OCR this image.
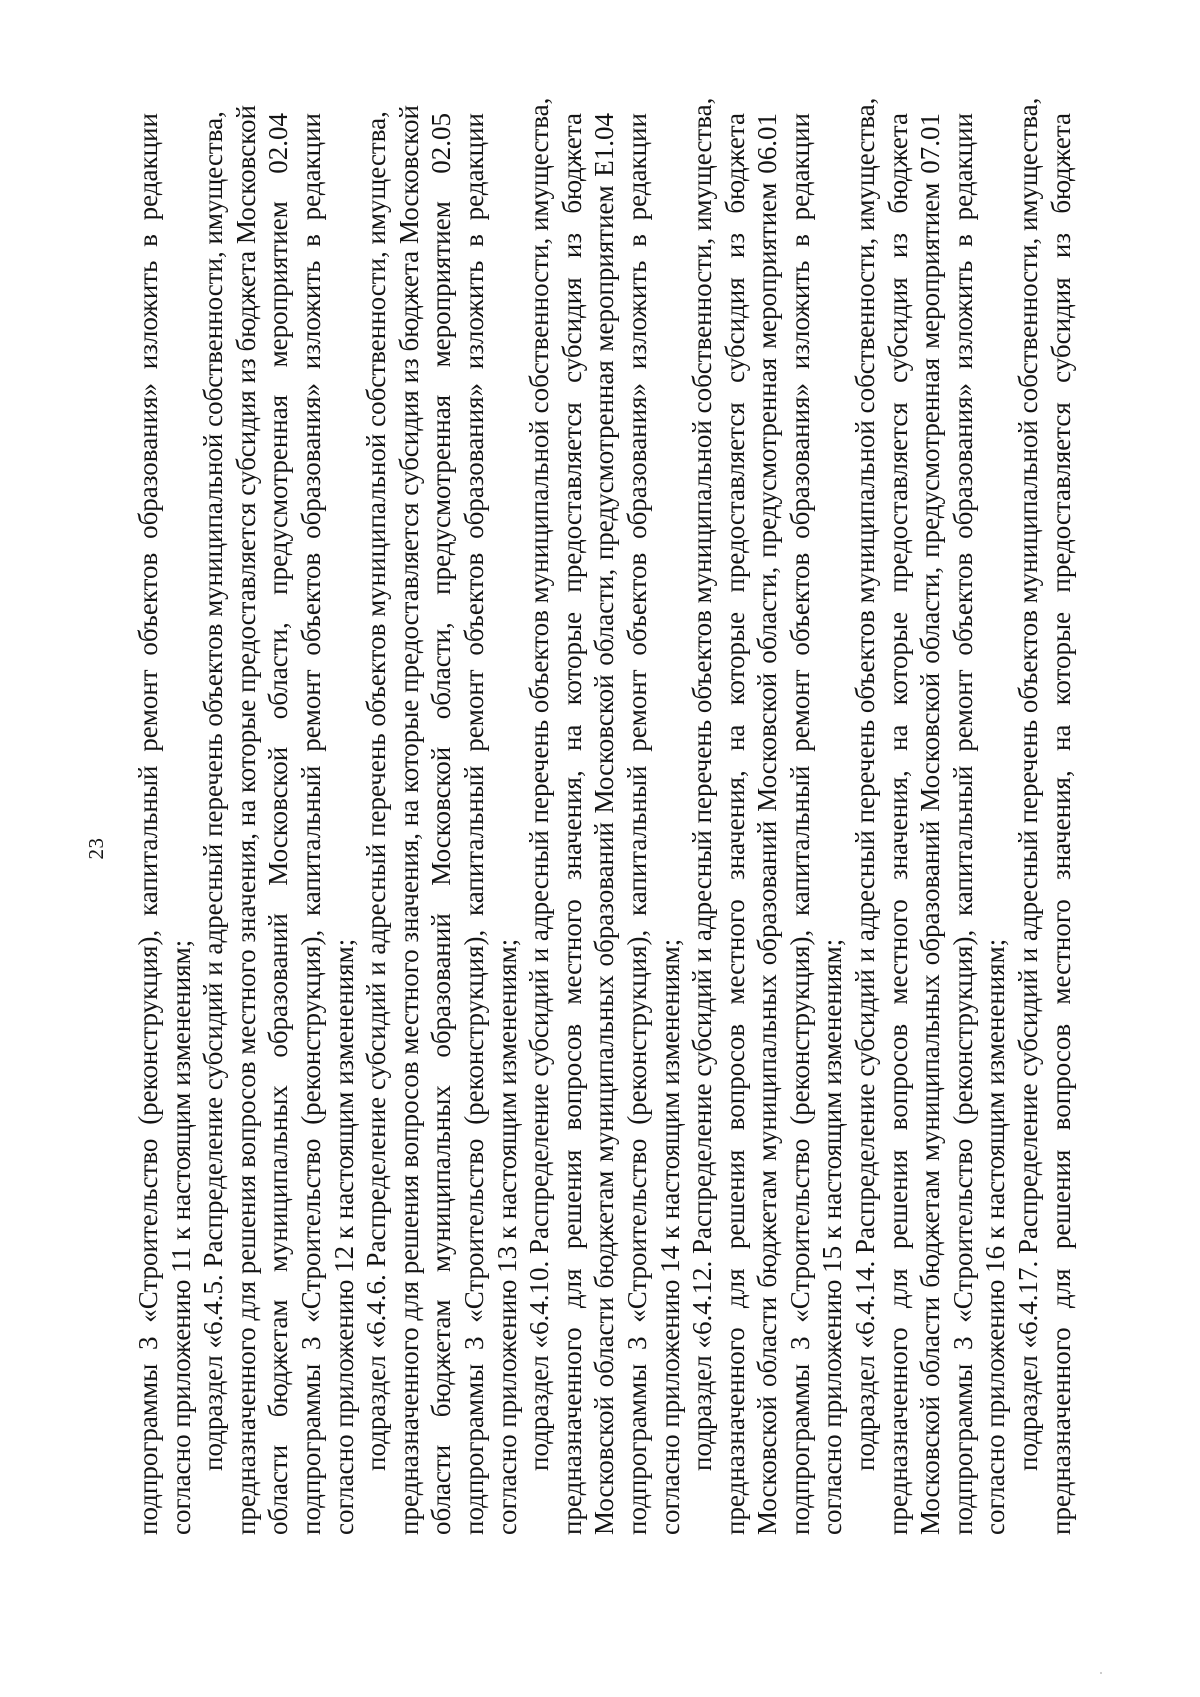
23 подпрограммы 3 «Строительство (реконструкция), капитальный ремонт объектов образования» изложить в редакции согласно приложению 11 к настоящим изменениям; подраздел «6.4.5. Распределение субсидий и адресный перечень объектов муниципальной собственности, имущества, предназначенного для решения вопросов местного значения, на которые предоставляется субсидия из бюджета Московской области бюджетам муниципальных образований Московской области, предусмотренная мероприятием 02.04 подпрограммы 3 «Строительство (реконструкция), капитальный ремонт объектов образования» изложить в редакции согласно приложению 12 к настоящим изменениям; подраздел «6.4.6. Распределение субсидий и адресный перечень объектов муниципальной собственности, имущества, предназначенного для решения вопросов местного значения, на которые предоставляется субсидия из бюджета Московской области бюджетам муниципальных образований Московской области, предусмотренная мероприятием 02.05 подпрограммы 3 «Строительство (реконструкция), капитальный ремонт объектов образования» изложить в редакции согласно приложению 13 к настоящим изменениям; подраздел «6.4.10. Распределение субсидий и адресный перечень объектов муниципальной собственности, имущества, предназначенного для решения вопросов местного значения, на которые предоставляется субсидия из бюджета Московской области бюджетам муниципальных образований Московской области, предусмотренная мероприятием Е1.04 подпрограммы 3 «Строительство (реконструкция), капитальный ремонт объектов образования» изложить в редакции согласно приложению 14 к настоящим изменениям; подраздел «6.4.12. Распределение субсидий и адресный перечень объектов муниципальной собственности, имущества, предназначенного для решения вопросов местного значения, на которые предоставляется субсидия из бюджета Московской области бюджетам муниципальных образований Московской области, предусмотренная мероприятием 06.01 подпрограммы 3 «Строительство (реконструкция), капитальный ремонт объектов образования» изложить в редакции согласно приложению 15 к настоящим изменениям; подраздел «6.4.14. Распределение субсидий и адресный перечень объектов муниципальной собственности, имущества, предназначенного для решения вопросов местного значения, на которые предоставляется субсидия из бюджета Московской области бюджетам муниципальных образований Московской области, предусмотренная мероприятием 07.01 подпрограммы 3 «Строительство (реконструкция), капитальный ремонт объектов образования» изложить в редакции согласно приложению 16 к настоящим изменениям; подраздел «6.4.17. Распределение субсидий и адресный перечень объектов муниципальной собственности, имущества, предназначенного для решения вопросов местного значения, на которые предоставляется субсидия из бюджета
